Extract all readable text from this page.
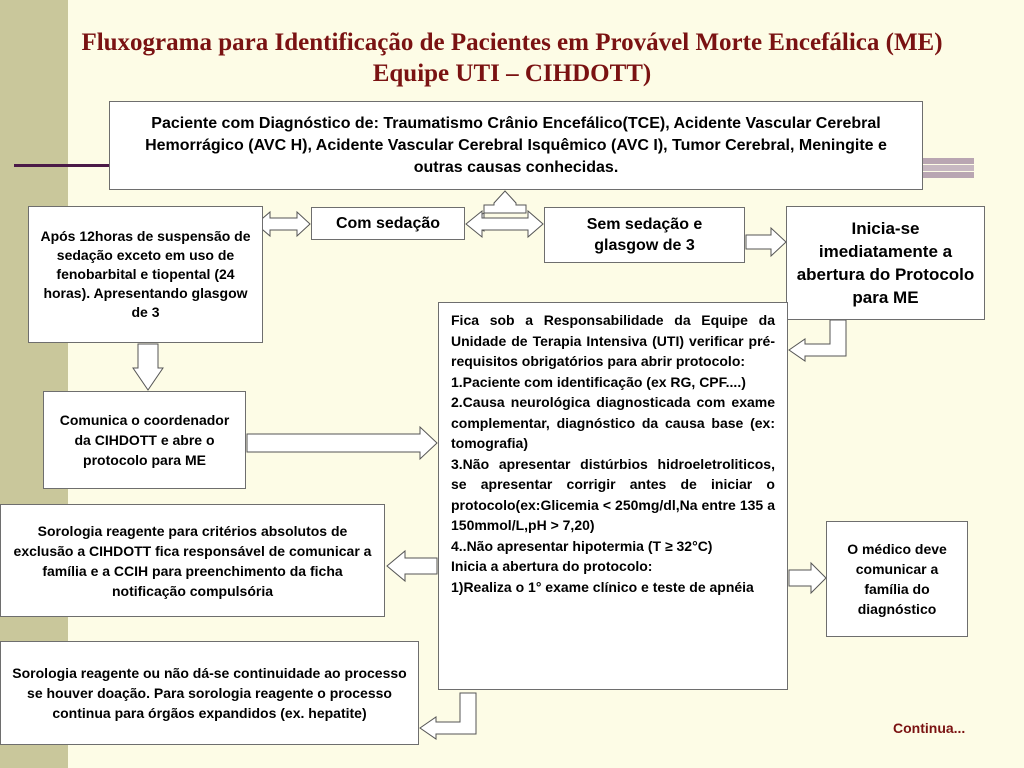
Fluxograma para Identificação de Pacientes em Provável Morte Encefálica (ME)
Equipe UTI – CIHDOTT)
Paciente com Diagnóstico de: Traumatismo Crânio Encefálico(TCE), Acidente Vascular Cerebral Hemorrágico (AVC H), Acidente Vascular Cerebral Isquêmico (AVC I), Tumor Cerebral, Meningite e outras causas conhecidas.
Após 12horas de suspensão de sedação exceto em uso de fenobarbital e tiopental (24 horas). Apresentando glasgow de 3
Com sedação	Sem sedação e glasgow de 3
Inicia-se imediatamente a abertura do Protocolo para ME
Comunica o coordenador da CIHDOTT e abre o protocolo para ME
Sorologia reagente para critérios absolutos de exclusão a CIHDOTT fica responsável de comunicar a família e a CCIH para preenchimento da ficha notificação compulsória
O médico deve comunicar a família do diagnóstico
Sorologia reagente ou não dá-se continuidade ao processo se houver doação. Para sorologia reagente o processo continua para órgãos expandidos (ex. hepatite)

Fica sob a Responsabilidade da Equipe da Unidade de Terapia Intensiva (UTI) verificar pré-requisitos obrigatórios para abrir protocolo:

1.Paciente com identificação (ex RG, CPF....)

2.Causa neurológica diagnosticada com exame complementar, diagnóstico da causa base (ex: tomografia)

3.Não apresentar distúrbios hidroeletroliticos, se apresentar corrigir antes de iniciar o protocolo(ex:Glicemia < 250mg/dl,Na entre 135 a 150mmol/L,pH > 7,20)

4..Não apresentar hipotermia (T ≥ 32°C)

Inicia a abertura do protocolo:

1)Realiza o 1° exame clínico e teste de apnéia

Continua...
